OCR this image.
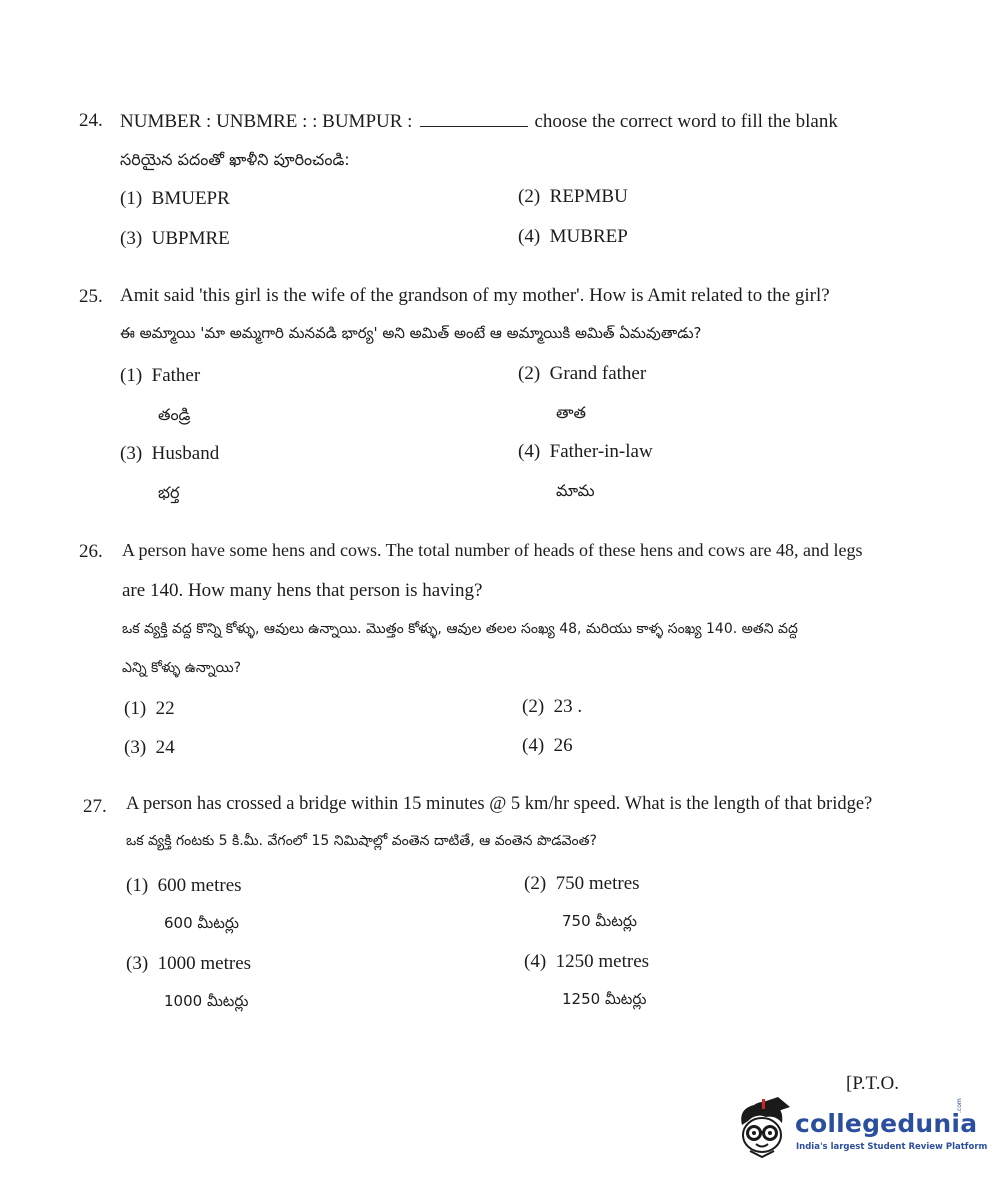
24. NUMBER : UNBMRE : : BUMPUR :	choose the correct word to fill the blank
సరియైన పదంతో ఖాళీని పూరించండి:
(1) BMUEPR	(2) REPMBU
(3) UBPMRE	(4) MUBREP
25. Amit said 'this girl is the wife of the grandson of my mother'. How is Amit related to the girl?
ఈ అమ్మాయి 'మా అమ్మగారి మనవడి భార్య' అని అమిత్ అంటే ఆ అమ్మాయికి అమిత్ ఏమవుతాడు?
(1) Father
తండ్రి
(2) Grand father
తాత
(3) Husband
భర్త
(4) Father-in-law
మామ
26. A person have some hens and cows. The total number of heads of these hens and cows are 48, and legs
are 140. How many hens that person is having?
ఒక వ్యక్తి వద్ద కొన్ని కోళ్ళు, ఆవులు ఉన్నాయి. మొత్తం కోళ్ళు, ఆవుల తలల సంఖ్య 48, మరియు కాళ్ళ సంఖ్య 140. అతని వద్ద
ఎన్ని కోళ్ళు ఉన్నాయి?
(1) 22	(2) 23 .
(3) 24	(4) 26
27. A person has crossed a bridge within 15 minutes @ 5 km/hr speed. What is the length of that bridge?
ఒక వ్యక్తి గంటకు 5 కి.మీ. వేగంలో 15 నిమిషాల్లో వంతెన దాటితే, ఆ వంతెన పొడవెంత?
(1) 600 metres
600 మీటర్లు
(2) 750 metres
750 మీటర్లు
(3) 1000 metres
1000 మీటర్లు
(4) 1250 metres
1250 మీటర్లు
[P.T.O.
collegedunia
.com
India's largest Student Review Platform
